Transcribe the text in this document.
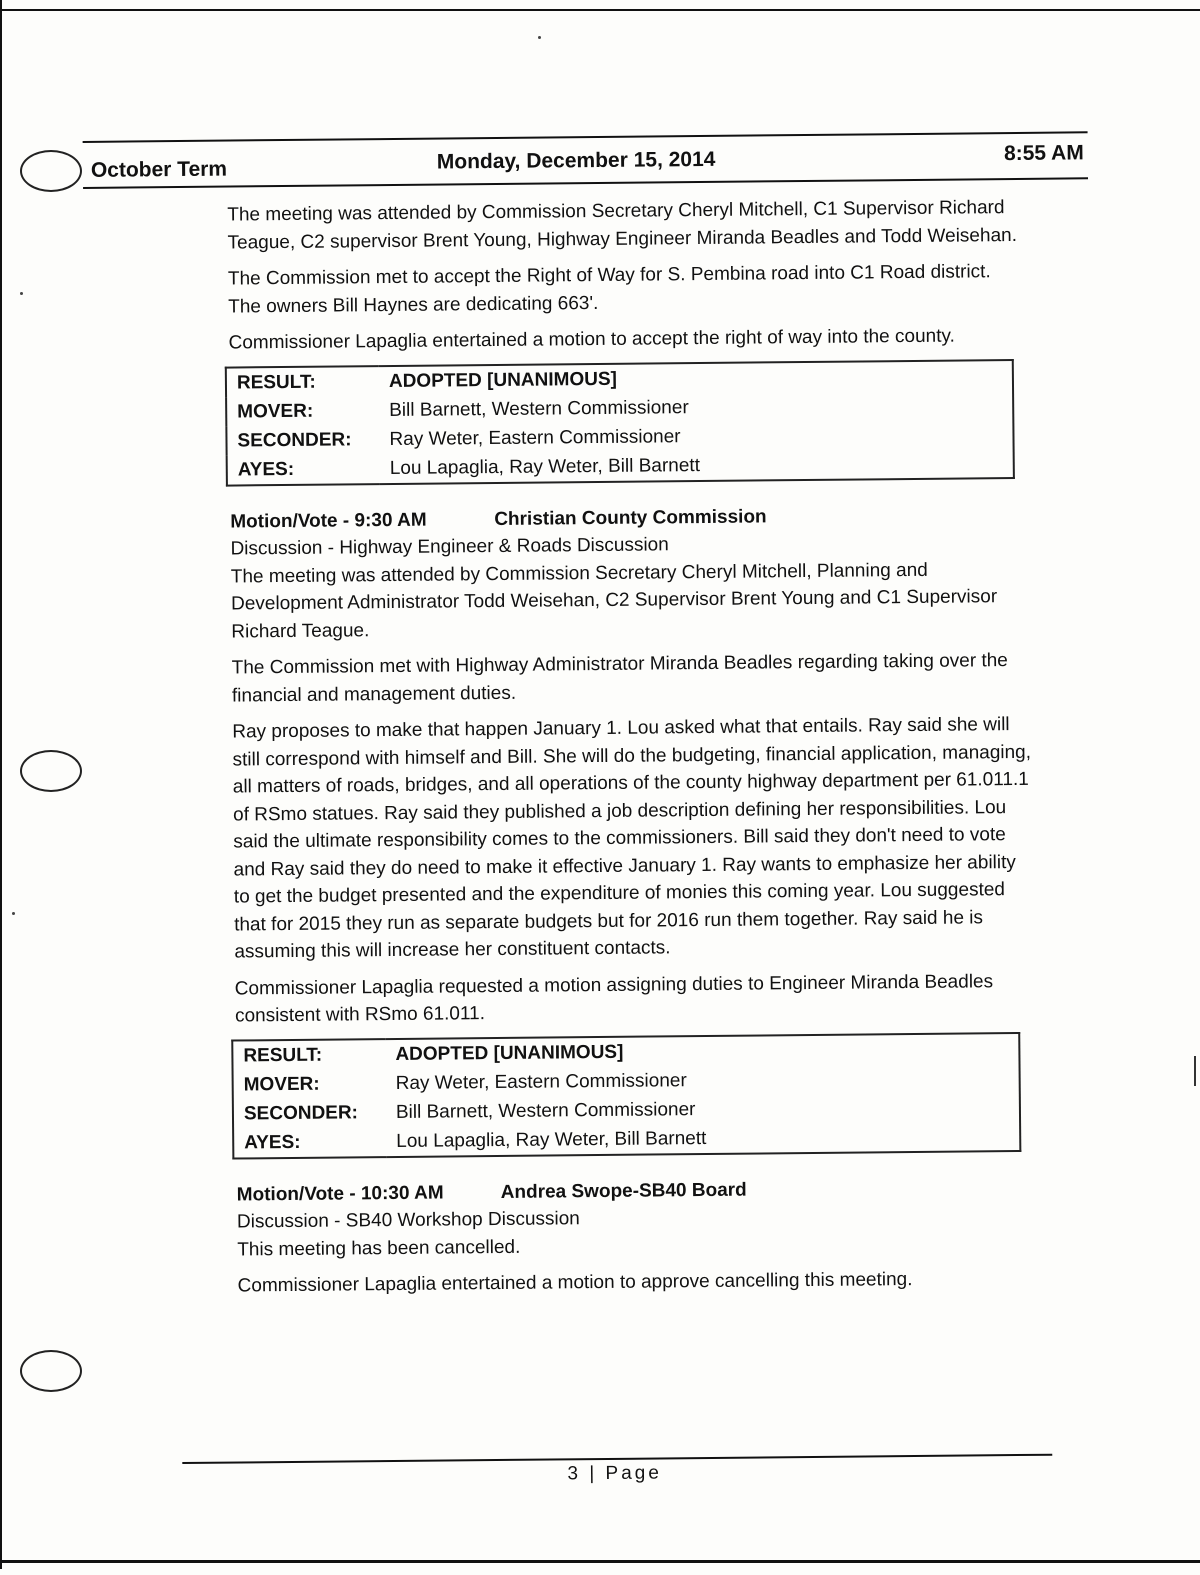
October Term	Monday, December 15, 2014	8:55 AM

The meeting was attended by Commission Secretary Cheryl Mitchell, C1 Supervisor Richard Teague, C2 supervisor Brent Young, Highway Engineer Miranda Beadles and Todd Weisehan.

The Commission met to accept the Right of Way for S. Pembina road into C1 Road district. The owners Bill Haynes are dedicating 663'.

Commissioner Lapaglia entertained a motion to accept the right of way into the county.

RESULT:	ADOPTED [UNANIMOUS]
MOVER:	Bill Barnett, Western Commissioner
SECONDER:	Ray Weter, Eastern Commissioner
AYES:	Lou Lapaglia, Ray Weter, Bill Barnett
Motion/Vote - 9:30 AM	Christian County Commission
Discussion - Highway Engineer & Roads Discussion

The meeting was attended by Commission Secretary Cheryl Mitchell, Planning and Development Administrator Todd Weisehan, C2 Supervisor Brent Young and C1 Supervisor Richard Teague.

The Commission met with Highway Administrator Miranda Beadles regarding taking over the financial and management duties.

Ray proposes to make that happen January 1. Lou asked what that entails. Ray said she will still correspond with himself and Bill. She will do the budgeting, financial application, managing, all matters of roads, bridges, and all operations of the county highway department per 61.011.1 of RSmo statues. Ray said they published a job description defining her responsibilities. Lou said the ultimate responsibility comes to the commissioners. Bill said they don't need to vote and Ray said they do need to make it effective January 1. Ray wants to emphasize her ability to get the budget presented and the expenditure of monies this coming year. Lou suggested that for 2015 they run as separate budgets but for 2016 run them together. Ray said he is assuming this will increase her constituent contacts.

Commissioner Lapaglia requested a motion assigning duties to Engineer Miranda Beadles consistent with RSmo 61.011.

RESULT:	ADOPTED [UNANIMOUS]
MOVER:	Ray Weter, Eastern Commissioner
SECONDER:	Bill Barnett, Western Commissioner
AYES:	Lou Lapaglia, Ray Weter, Bill Barnett
Motion/Vote - 10:30 AM	Andrea Swope-SB40 Board
Discussion - SB40 Workshop Discussion

This meeting has been cancelled.

Commissioner Lapaglia entertained a motion to approve cancelling this meeting.

3 | Page
